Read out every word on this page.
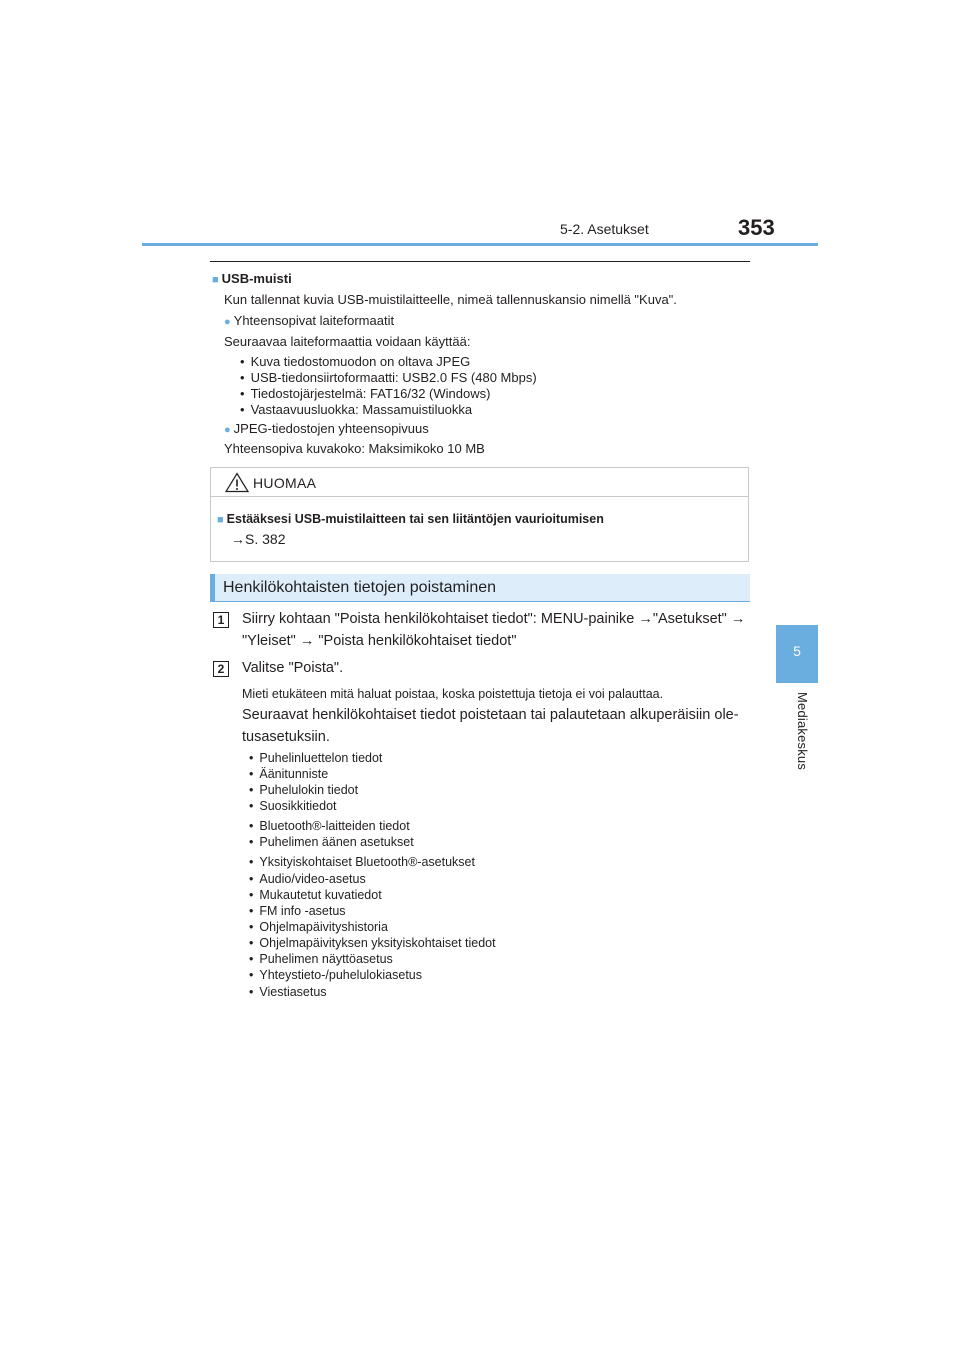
5-2. Asetukset	353
5
Mediakeskus
■ USB-muisti
Kun tallennat kuvia USB-muistilaitteelle, nimeä tallennuskansio nimellä "Kuva".
● Yhteensopivat laiteformaatit
Seuraavaa laiteformaattia voidaan käyttää:
• Kuva tiedostomuodon on oltava JPEG
• USB-tiedonsiirtoformaatti: USB2.0 FS (480 Mbps)
• Tiedostojärjestelmä: FAT16/32 (Windows)
• Vastaavuusluokka: Massamuistiluokka
● JPEG-tiedostojen yhteensopivuus
Yhteensopiva kuvakoko: Maksimikoko 10 MB
HUOMAA
■ Estääksesi USB-muistilaitteen tai sen liitäntöjen vaurioitumisen
→S. 382
Henkilökohtaisten tietojen poistaminen
1	Siirry kohtaan "Poista henkilökohtaiset tiedot": MENU-painike →"Asetukset" →
"Yleiset" → "Poista henkilökohtaiset tiedot"
2	Valitse "Poista".
Mieti etukäteen mitä haluat poistaa, koska poistettuja tietoja ei voi palauttaa.
Seuraavat henkilökohtaiset tiedot poistetaan tai palautetaan alkuperäisiin ole-
tusasetuksiin.
• Puhelinluettelon tiedot
• Äänitunniste
• Puhelulokin tiedot
• Suosikkitiedot
• Bluetooth®-laitteiden tiedot
• Puhelimen äänen asetukset
• Yksityiskohtaiset Bluetooth®-asetukset
• Audio/video-asetus
• Mukautetut kuvatiedot
• FM info -asetus
• Ohjelmapäivityshistoria
• Ohjelmapäivityksen yksityiskohtaiset tiedot
• Puhelimen näyttöasetus
• Yhteystieto-/puhelulokiasetus
• Viestiasetus
